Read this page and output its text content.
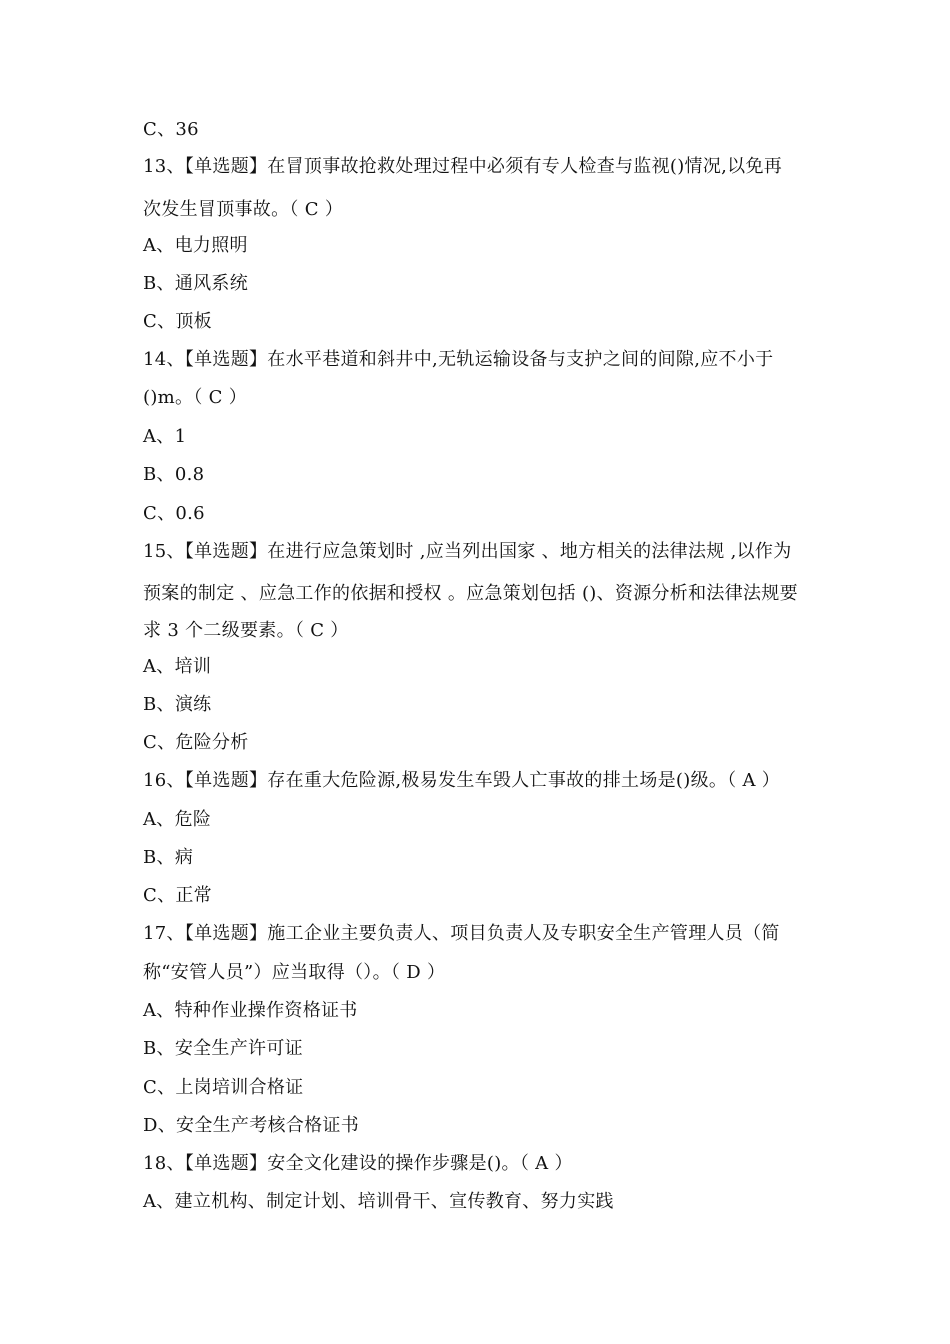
C、36
13、【单选题】在冒顶事故抢救处理过程中必须有专人检查与监视()情况,以免再
次发生冒顶事故。（ C ）
A、电力照明
B、通风系统
C、顶板
14、【单选题】在水平巷道和斜井中,无轨运输设备与支护之间的间隙,应不小于
()m。（ C ）
A、1
B、0.8
C、0.6
15、【单选题】在进行应急策划时 ,应当列出国家 、地方相关的法律法规 ,以作为
预案的制定 、应急工作的依据和授权 。应急策划包括 ()、资源分析和法律法规要
求 3 个二级要素。（ C ）
A、培训
B、演练
C、危险分析
16、【单选题】存在重大危险源,极易发生车毁人亡事故的排土场是()级。（ A ）
A、危险
B、病
C、正常
17、【单选题】施工企业主要负责人、项目负责人及专职安全生产管理人员（简
称“安管人员”）应当取得（）。（ D ）
A、特种作业操作资格证书
B、安全生产许可证
C、上岗培训合格证
D、安全生产考核合格证书
18、【单选题】安全文化建设的操作步骤是()。（ A ）
A、建立机构、制定计划、培训骨干、宣传教育、努力实践
